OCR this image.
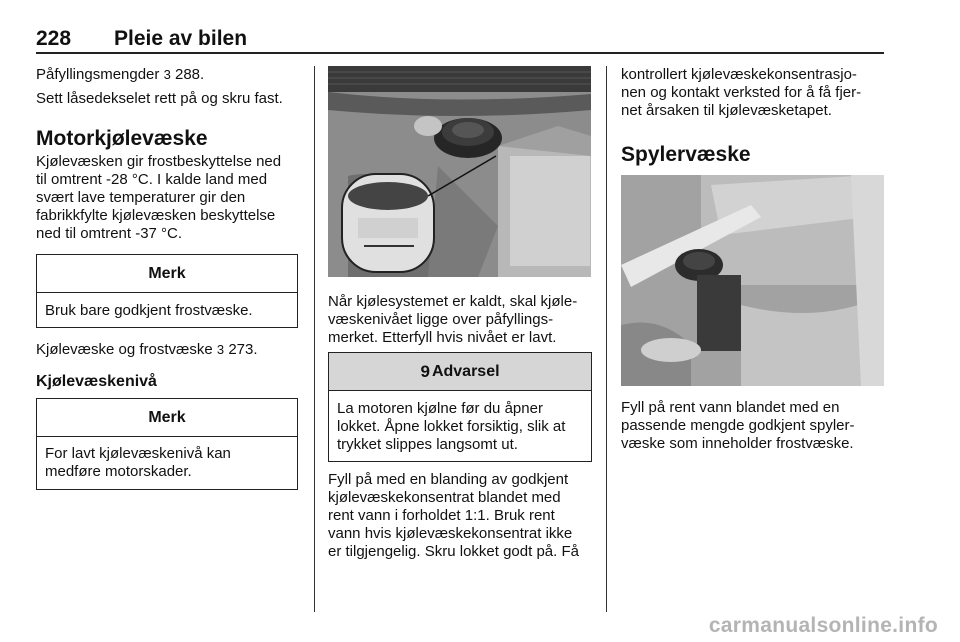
228 Pleie av bilen

Påfyllingsmengder 3 288.

Sett låsedekselet rett på og skru fast.

Motorkjølevæske

Kjølevæsken gir frostbeskyttelse ned
til omtrent -28 °C. I kalde land med
svært lave temperaturer gir den
fabrikkfylte kjølevæsken beskyttelse
ned til omtrent -37 °C.

Merk
Bruk bare godkjent frostvæske.

Kjølevæske og frostvæske 3 273.

Kjølevæskenivå
Merk
For lavt kjølevæskenivå kan
medføre motorskader.

Når kjølesystemet er kaldt, skal kjøle-
væskenivået ligge over påfyllings-
merket. Etterfyll hvis nivået er lavt.

9 Advarsel
La motoren kjølne før du åpner
lokket. Åpne lokket forsiktig, slik at
trykket slippes langsomt ut.

Fyll på med en blanding av godkjent
kjølevæskekonsentrat blandet med
rent vann i forholdet 1:1. Bruk rent
vann hvis kjølevæskekonsentrat ikke
er tilgjengelig. Skru lokket godt på. Få

kontrollert kjølevæskekonsentrasjo-
nen og kontakt verksted for å få fjer-
net årsaken til kjølevæsketapet.

Spylervæske

Fyll på rent vann blandet med en
passende mengde godkjent spyler-
væske som inneholder frostvæske.

carmanualsonline.info
